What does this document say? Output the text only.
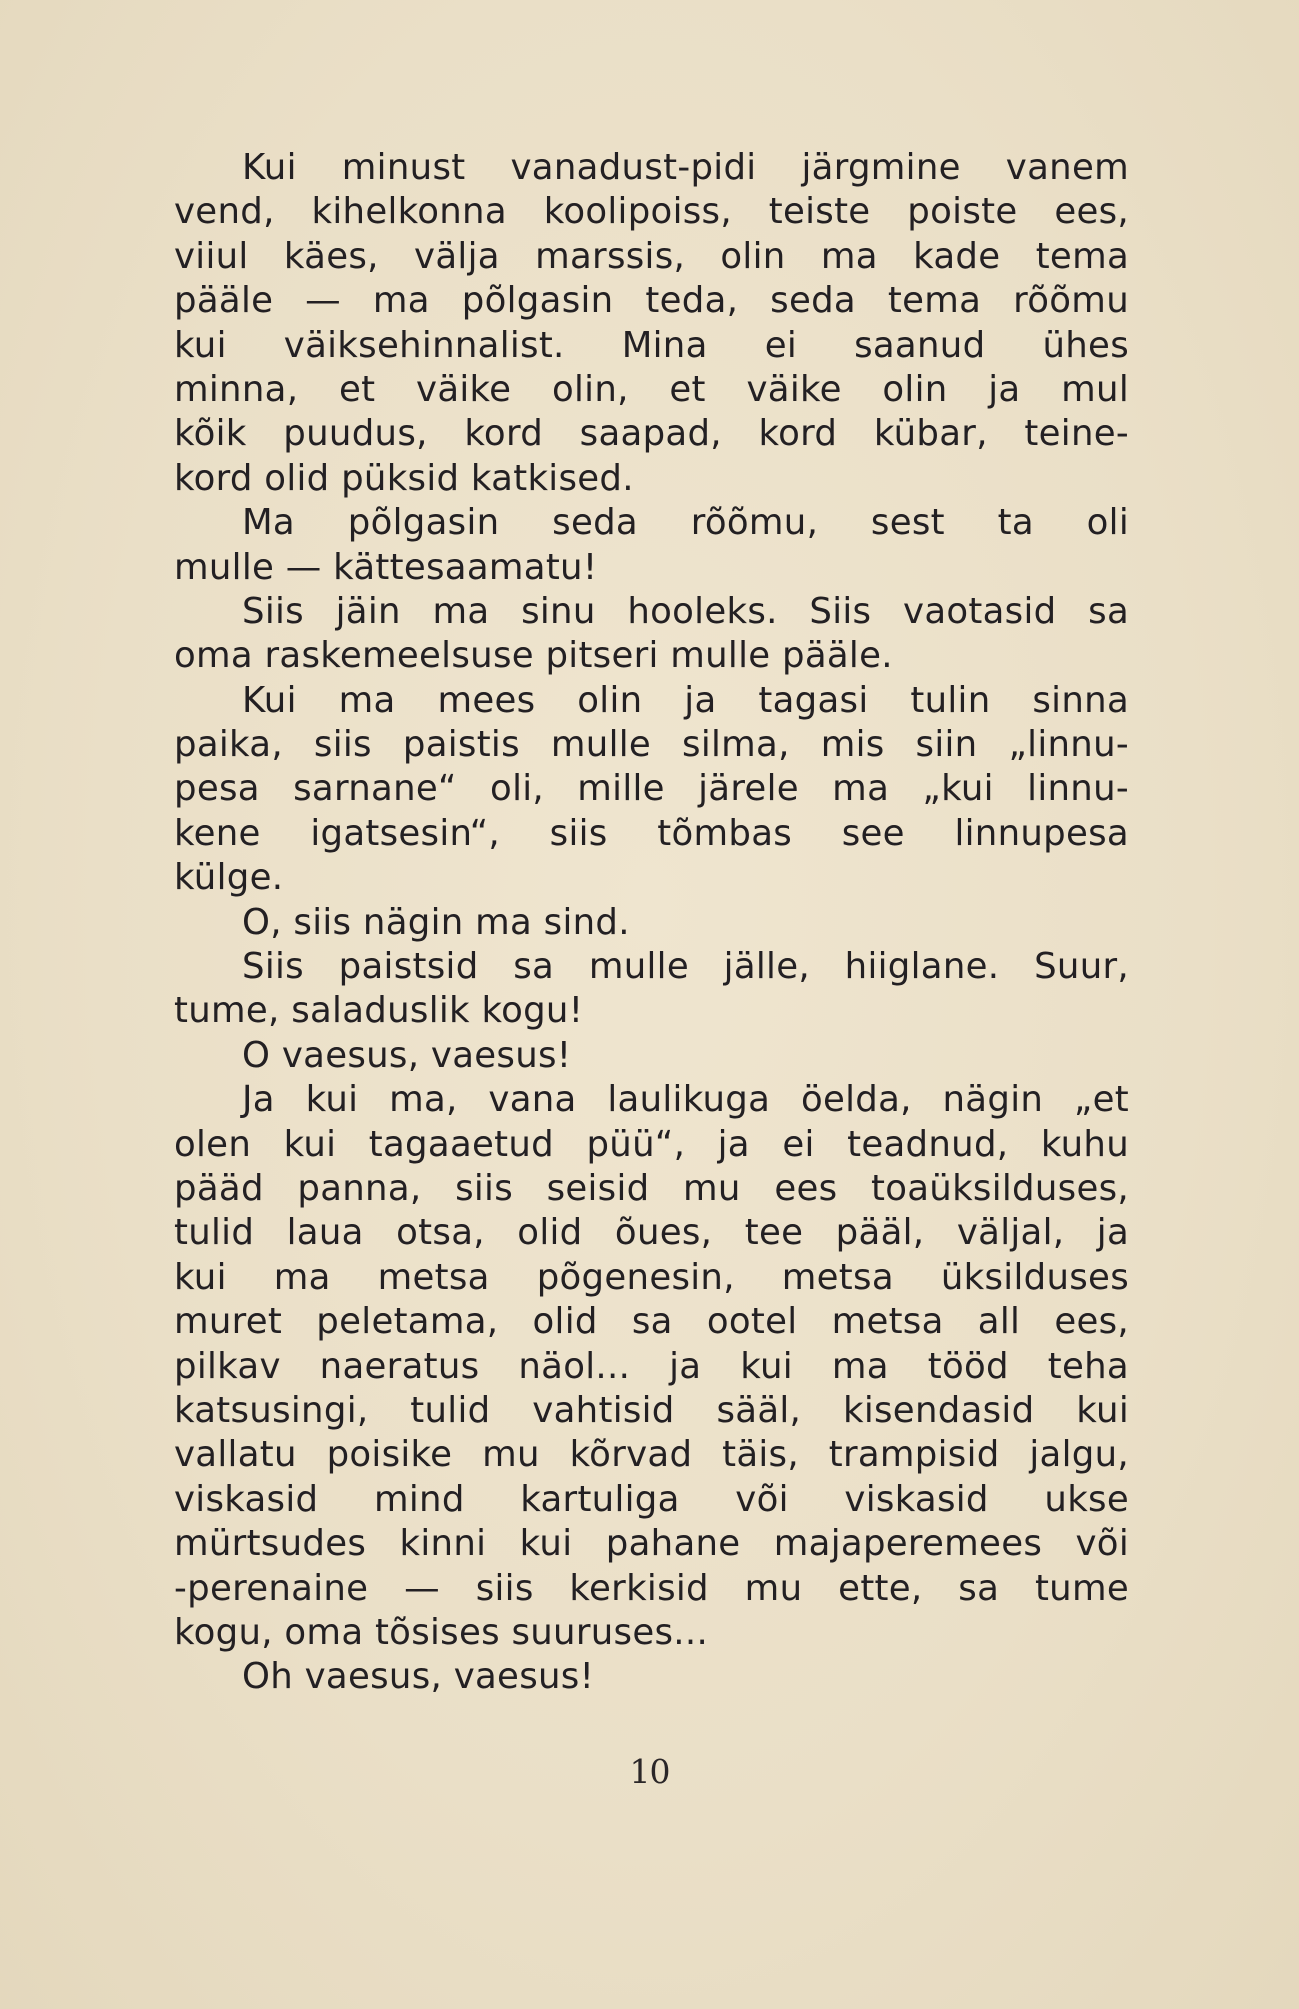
Kui minust vanadust-pidi järgmine vanem
vend, kihelkonna koolipoiss, teiste poiste ees,
viiul käes, välja marssis, olin ma kade tema
pääle — ma põlgasin teda, seda tema rõõmu
kui väiksehinnalist. Mina ei saanud ühes
minna, et väike olin, et väike olin ja mul
kõik puudus, kord saapad, kord kübar, teine-
kord olid püksid katkised.
Ma põlgasin seda rõõmu, sest ta oli
mulle — kättesaamatu!
Siis jäin ma sinu hooleks. Siis vaotasid sa
oma raskemeelsuse pitseri mulle pääle.
Kui ma mees olin ja tagasi tulin sinna
paika, siis paistis mulle silma, mis siin „linnu-
pesa sarnane“ oli, mille järele ma „kui linnu-
kene igatsesin“, siis tõmbas see linnupesa
külge.
O, siis nägin ma sind.
Siis paistsid sa mulle jälle, hiiglane. Suur,
tume, saladuslik kogu!
O vaesus, vaesus!
Ja kui ma, vana laulikuga öelda, nägin „et
olen kui tagaaetud püü“, ja ei teadnud, kuhu
pääd panna, siis seisid mu ees toaüksilduses,
tulid laua otsa, olid õues, tee pääl, väljal, ja
kui ma metsa põgenesin, metsa üksilduses
muret peletama, olid sa ootel metsa all ees,
pilkav naeratus näol... ja kui ma tööd teha
katsusingi, tulid vahtisid sääl, kisendasid kui
vallatu poisike mu kõrvad täis, trampisid jalgu,
viskasid mind kartuliga või viskasid ukse
mürtsudes kinni kui pahane majaperemees või
-perenaine — siis kerkisid mu ette, sa tume
kogu, oma tõsises suuruses...
Oh vaesus, vaesus!
10
